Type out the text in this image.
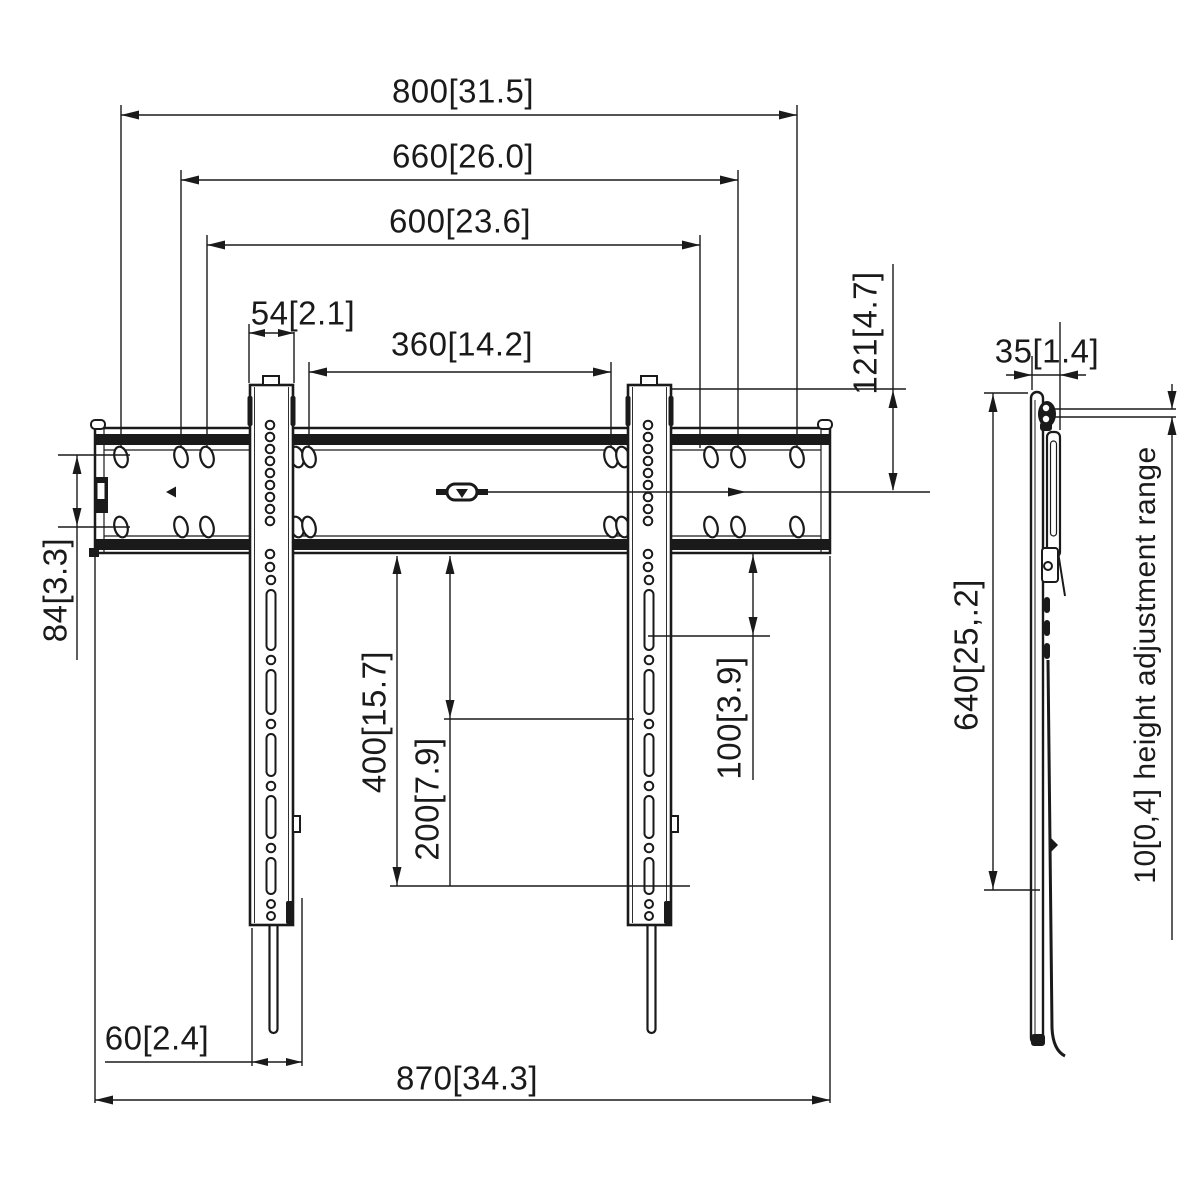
800[31.5]
660[26.0]
600[23.6]
54[2.1]
360[14.2]	121[4.7]	35[1.4]
84[3.3]	640[25,.2]
400[15.7]
200[7.9]
100[3.9]	10[0,4] height adjustment range
60[2.4]
870[34.3]
